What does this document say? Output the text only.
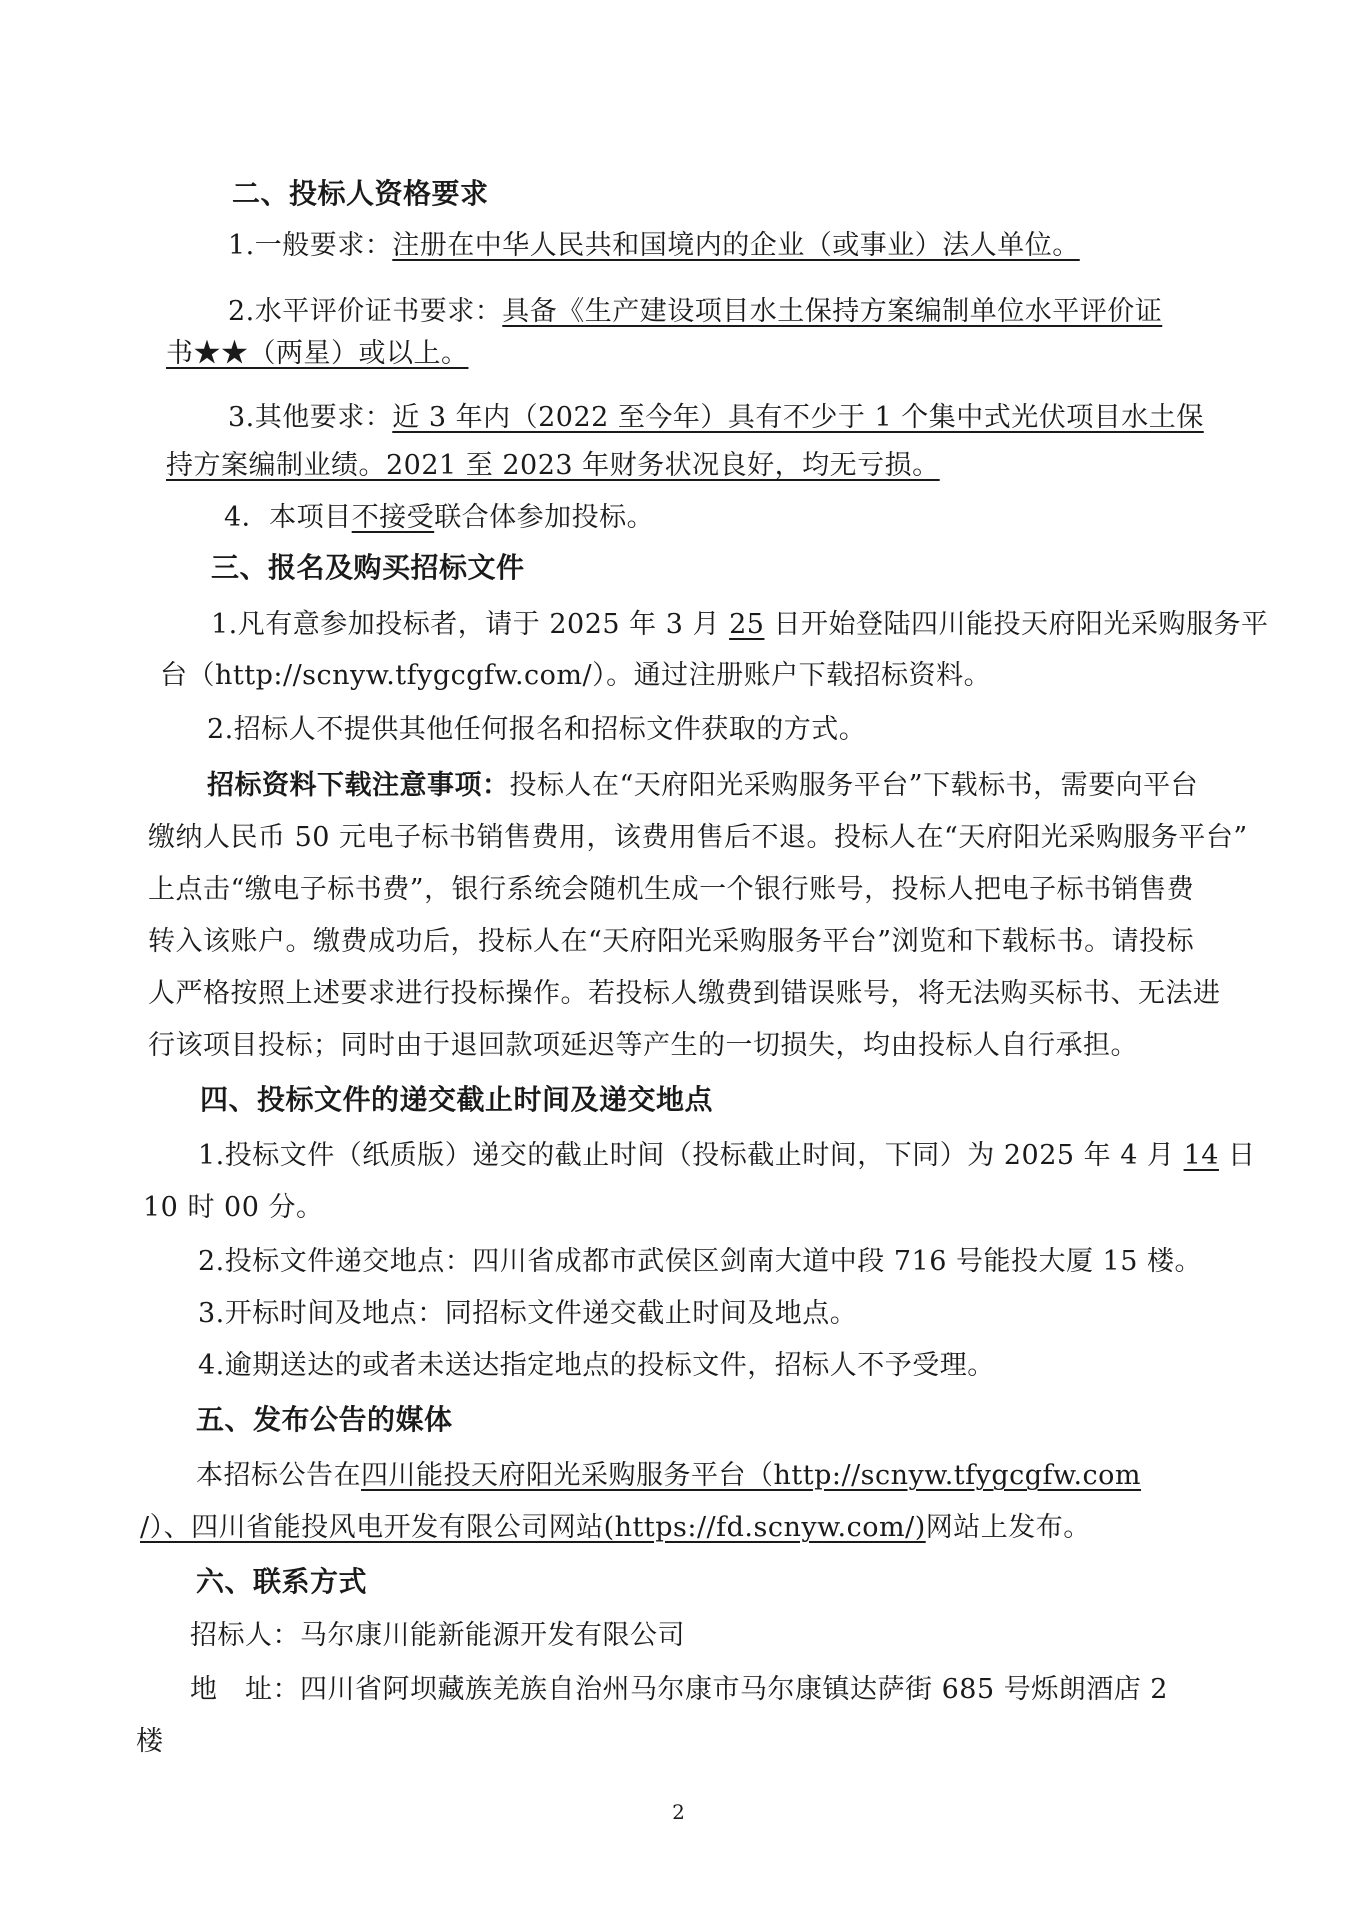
二、投标人资格要求
1.一般要求：注册在中华人民共和国境内的企业（或事业）法人单位。
2.水平评价证书要求：具备《生产建设项目水土保持方案编制单位水平评价证
书★★（两星）或以上。
3.其他要求：近 3 年内（2022 至今年）具有不少于 1 个集中式光伏项目水土保
持方案编制业绩。2021 至 2023 年财务状况良好，均无亏损。
4．本项目不接受联合体参加投标。
三、报名及购买招标文件
1.凡有意参加投标者，请于 2025 年 3 月 25 日开始登陆四川能投天府阳光采购服务平
台（http://scnyw.tfygcgfw.com/）。通过注册账户下载招标资料。
2.招标人不提供其他任何报名和招标文件获取的方式。
招标资料下载注意事项：投标人在“天府阳光采购服务平台”下载标书，需要向平台
缴纳人民币 50 元电子标书销售费用，该费用售后不退。投标人在“天府阳光采购服务平台”
上点击“缴电子标书费”，银行系统会随机生成一个银行账号，投标人把电子标书销售费
转入该账户。缴费成功后，投标人在“天府阳光采购服务平台”浏览和下载标书。请投标
人严格按照上述要求进行投标操作。若投标人缴费到错误账号，将无法购买标书、无法进
行该项目投标；同时由于退回款项延迟等产生的一切损失，均由投标人自行承担。
四、投标文件的递交截止时间及递交地点
1.投标文件（纸质版）递交的截止时间（投标截止时间，下同）为 2025 年 4 月 14 日
10 时 00 分。
2.投标文件递交地点：四川省成都市武侯区剑南大道中段 716 号能投大厦 15 楼。
3.开标时间及地点：同招标文件递交截止时间及地点。
4.逾期送达的或者未送达指定地点的投标文件，招标人不予受理。
五、发布公告的媒体
本招标公告在四川能投天府阳光采购服务平台（http://scnyw.tfygcgfw.com
/）、四川省能投风电开发有限公司网站(https://fd.scnyw.com/)网站上发布。
六、联系方式
招标人：马尔康川能新能源开发有限公司
地　址：四川省阿坝藏族羌族自治州马尔康市马尔康镇达萨街 685 号烁朗酒店 2
楼
2
